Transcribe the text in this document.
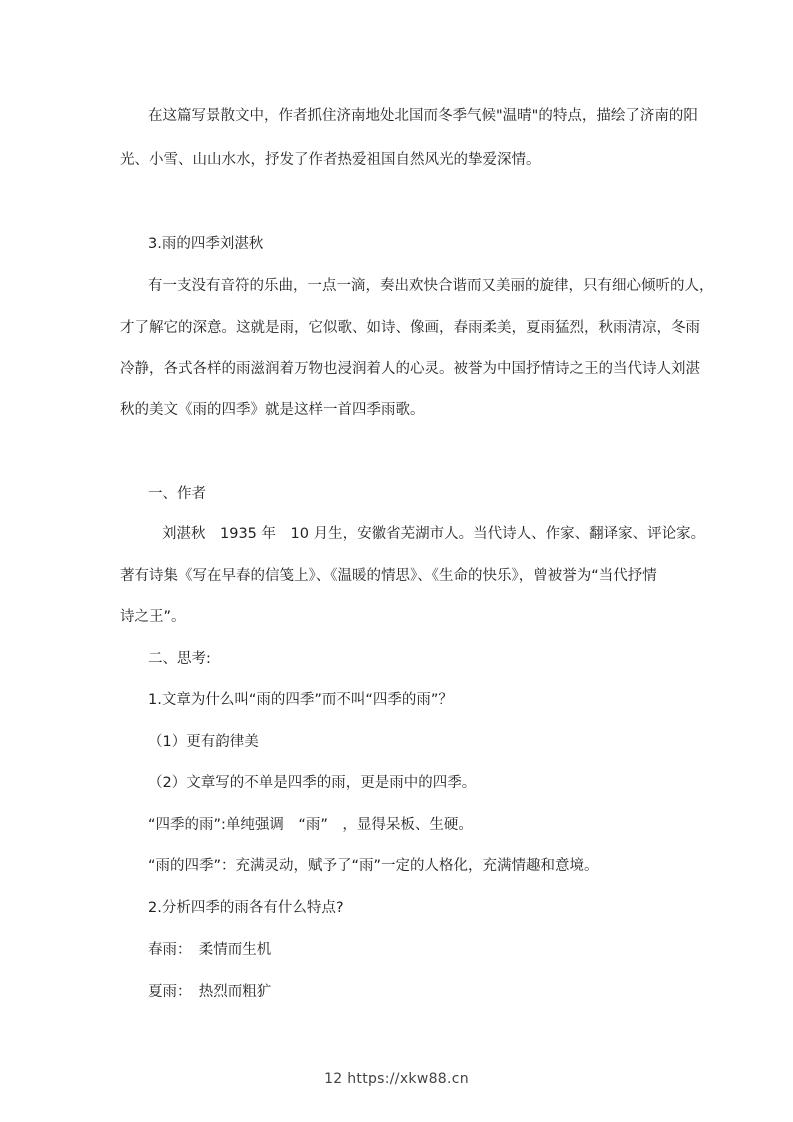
在这篇写景散文中，作者抓住济南地处北国而冬季气候"温晴"的特点，描绘了济南的阳
光、小雪、山山水水，抒发了作者热爱祖国自然风光的挚爱深情。
3.雨的四季刘湛秋
有一支没有音符的乐曲，一点一滴，奏出欢快合谐而又美丽的旋律，只有细心倾听的人，
才了解它的深意。这就是雨，它似歌、如诗、像画，春雨柔美，夏雨猛烈，秋雨清凉，冬雨
冷静，各式各样的雨滋润着万物也浸润着人的心灵。被誉为中国抒情诗之王的当代诗人刘湛
秋的美文《雨的四季》就是这样一首四季雨歌。
一、作者
刘湛秋　1935 年　10 月生，安徽省芜湖市人。当代诗人、作家、翻译家、评论家。
著有诗集《写在早春的信笺上》、《温暖的情思》、《生命的快乐》，曾被誉为“当代抒情
诗之王”。
二、思考:
1.文章为什么叫“雨的四季”而不叫“四季的雨”？
（1）更有韵律美
（2）文章写的不单是四季的雨，更是雨中的四季。
“四季的雨”:单纯强调　“雨”　，显得呆板、生硬。
“雨的四季”：充满灵动，赋予了“雨”一定的人格化，充满情趣和意境。
2.分析四季的雨各有什么特点?
春雨：　柔情而生机
夏雨：　热烈而粗犷
12 https://xkw88.cn
